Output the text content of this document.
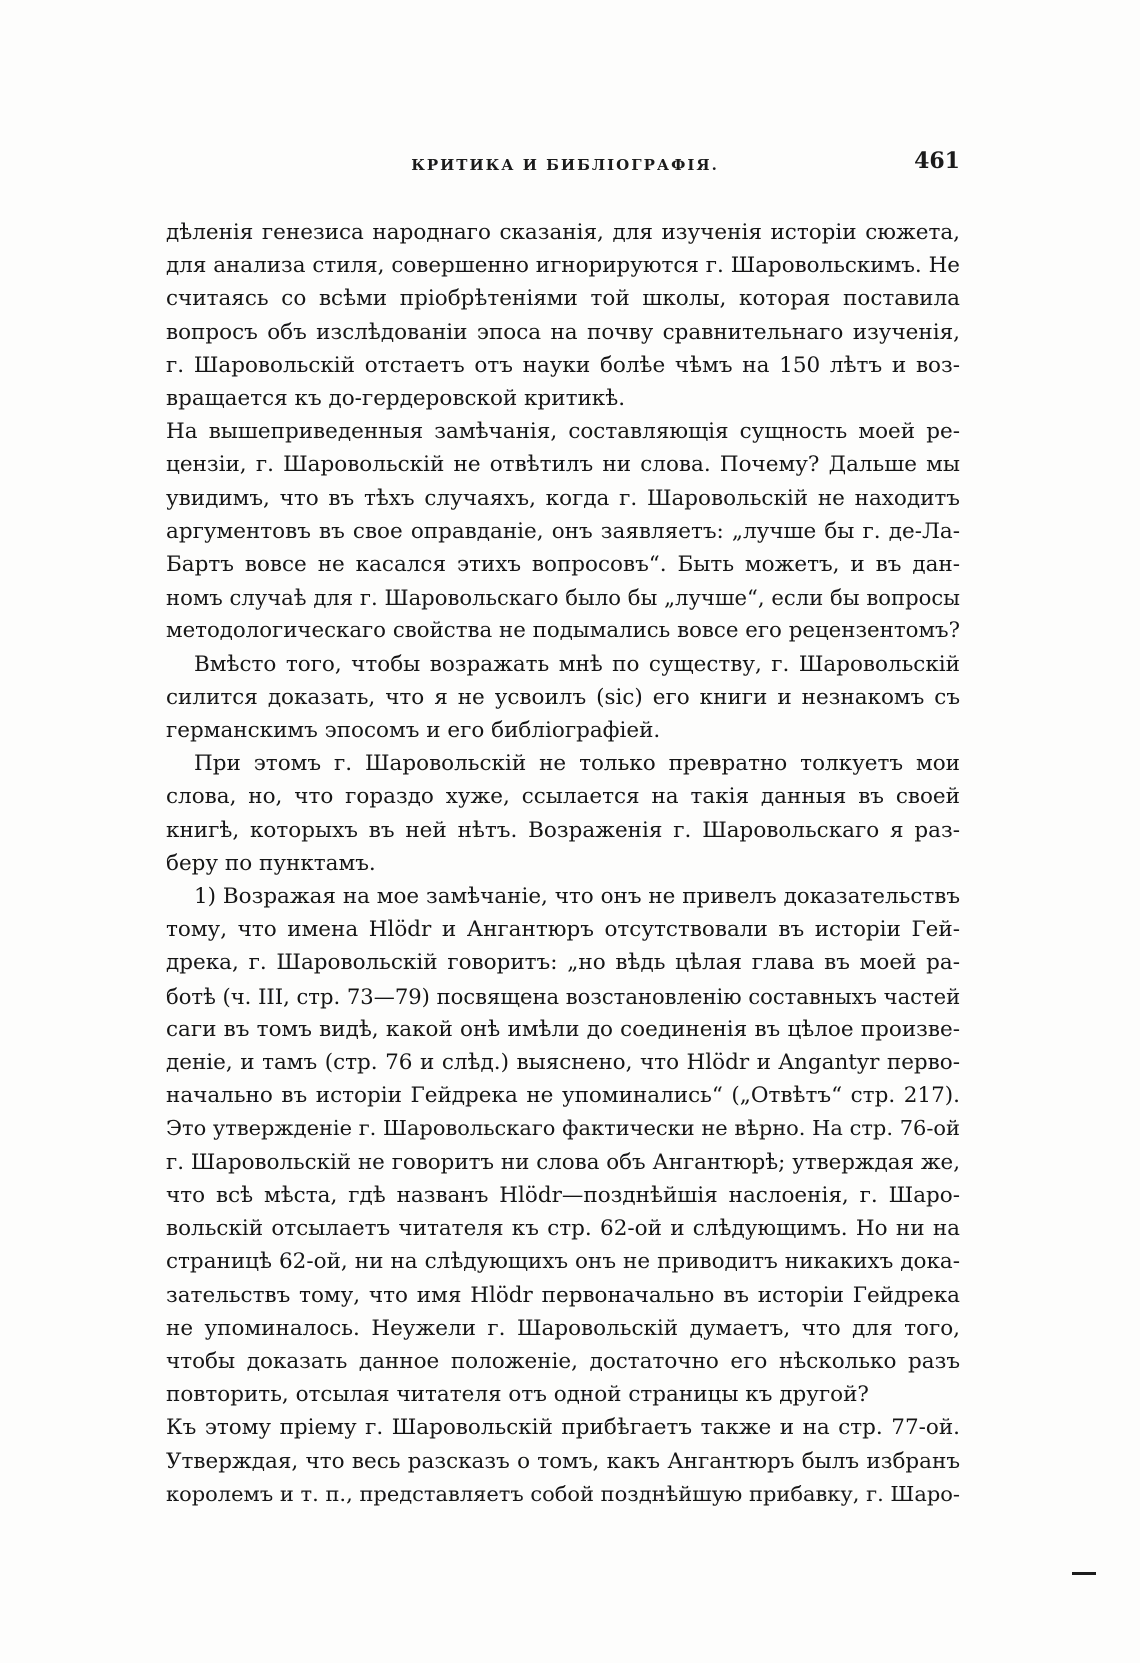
КРИТИКА И БИБЛІОГРАФІЯ.	461

дѣленія генезиса народнаго сказанія, для изученія исторіи сюжета,
для анализа стиля, совершенно игнорируются г. Шаровольскимъ. Не
считаясь со всѣми пріобрѣтеніями той школы, которая поставила
вопросъ объ изслѣдованіи эпоса на почву сравнительнаго изученія,
г. Шаровольскій отстаетъ отъ науки болѣе чѣмъ на 150 лѣтъ и воз-
вращается къ до-гердеровской критикѣ.

На вышеприведенныя замѣчанія, составляющія сущность моей ре-
цензіи, г. Шаровольскій не отвѣтилъ ни слова. Почему? Дальше мы
увидимъ, что въ тѣхъ случаяхъ, когда г. Шаровольскій не находитъ
аргументовъ въ свое оправданіе, онъ заявляетъ: „лучше бы г. де-Ла-
Бартъ вовсе не касался этихъ вопросовъ“. Быть можетъ, и въ дан-
номъ случаѣ для г. Шаровольскаго было бы „лучше“, если бы вопросы
методологическаго свойства не подымались вовсе его рецензентомъ?

Вмѣсто того, чтобы возражать мнѣ по существу, г. Шаровольскій
силится доказать, что я не усвоилъ (sic) его книги и незнакомъ съ
германскимъ эпосомъ и его библіографіей.

При этомъ г. Шаровольскій не только превратно толкуетъ мои
слова, но, что гораздо хуже, ссылается на такія данныя въ своей
книгѣ, которыхъ въ ней нѣтъ. Возраженія г. Шаровольскаго я раз-
беру по пунктамъ.

1) Возражая на мое замѣчаніе, что онъ не привелъ доказательствъ
тому, что имена Hlödr и Ангантюръ отсутствовали въ исторіи Гей-
дрека, г. Шаровольскій говоритъ: „но вѣдь цѣлая глава въ моей ра-
ботѣ (ч. III, стр. 73—79) посвящена возстановленію составныхъ частей
саги въ томъ видѣ, какой онѣ имѣли до соединенія въ цѣлое произве-
деніе, и тамъ (стр. 76 и слѣд.) выяснено, что Hlödr и Angantyr перво-
начально въ исторіи Гейдрека не упоминались“ („Отвѣтъ“ стр. 217).
Это утвержденіе г. Шаровольскаго фактически не вѣрно. На стр. 76-ой
г. Шаровольскій не говоритъ ни слова объ Ангантюрѣ; утверждая же,
что всѣ мѣста, гдѣ названъ Hlödr—позднѣйшія наслоенія, г. Шаро-
вольскій отсылаетъ читателя къ стр. 62-ой и слѣдующимъ. Но ни на
страницѣ 62-ой, ни на слѣдующихъ онъ не приводитъ никакихъ дока-
зательствъ тому, что имя Hlödr первоначально въ исторіи Гейдрека
не упоминалось. Неужели г. Шаровольскій думаетъ, что для того,
чтобы доказать данное положеніе, достаточно его нѣсколько разъ
повторить, отсылая читателя отъ одной страницы къ другой?

Къ этому пріему г. Шаровольскій прибѣгаетъ также и на стр. 77-ой.
Утверждая, что весь разсказъ о томъ, какъ Ангантюръ былъ избранъ
королемъ и т. п., представляетъ собой позднѣйшую прибавку, г. Шаро-
